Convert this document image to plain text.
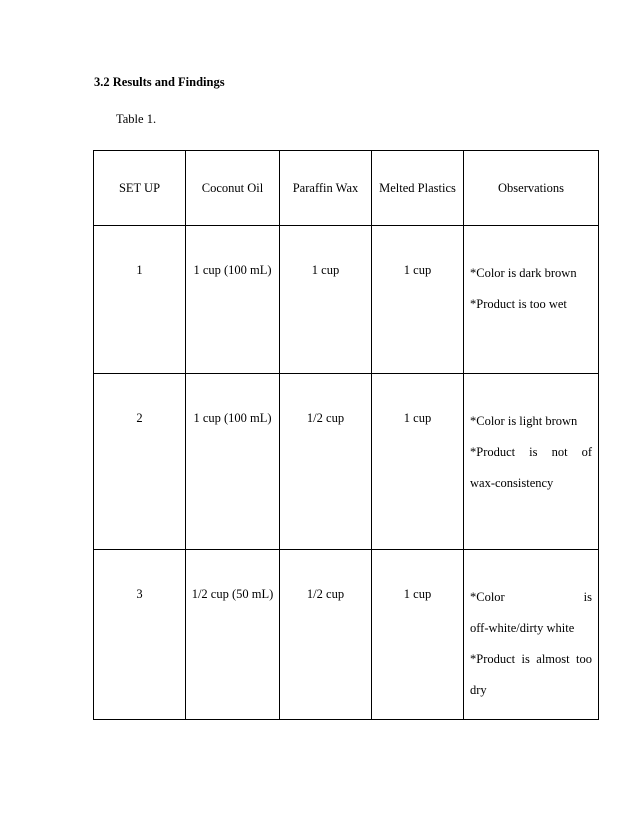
3.2 Results and Findings
Table 1.
SET UP	Coconut Oil	Paraffin Wax	Melted Plastics	Observations

1	1 cup (100 mL)	1 cup	1 cup	*Color is dark brown

*Product is too wet

2	1 cup (100 mL)	1/2 cup	1 cup	*Color is light brown

*Product is not of

wax-consistency

3	1/2 cup (50 mL)	1/2 cup	1 cup	*Color is

off-white/dirty white

*Product is almost too

dry
